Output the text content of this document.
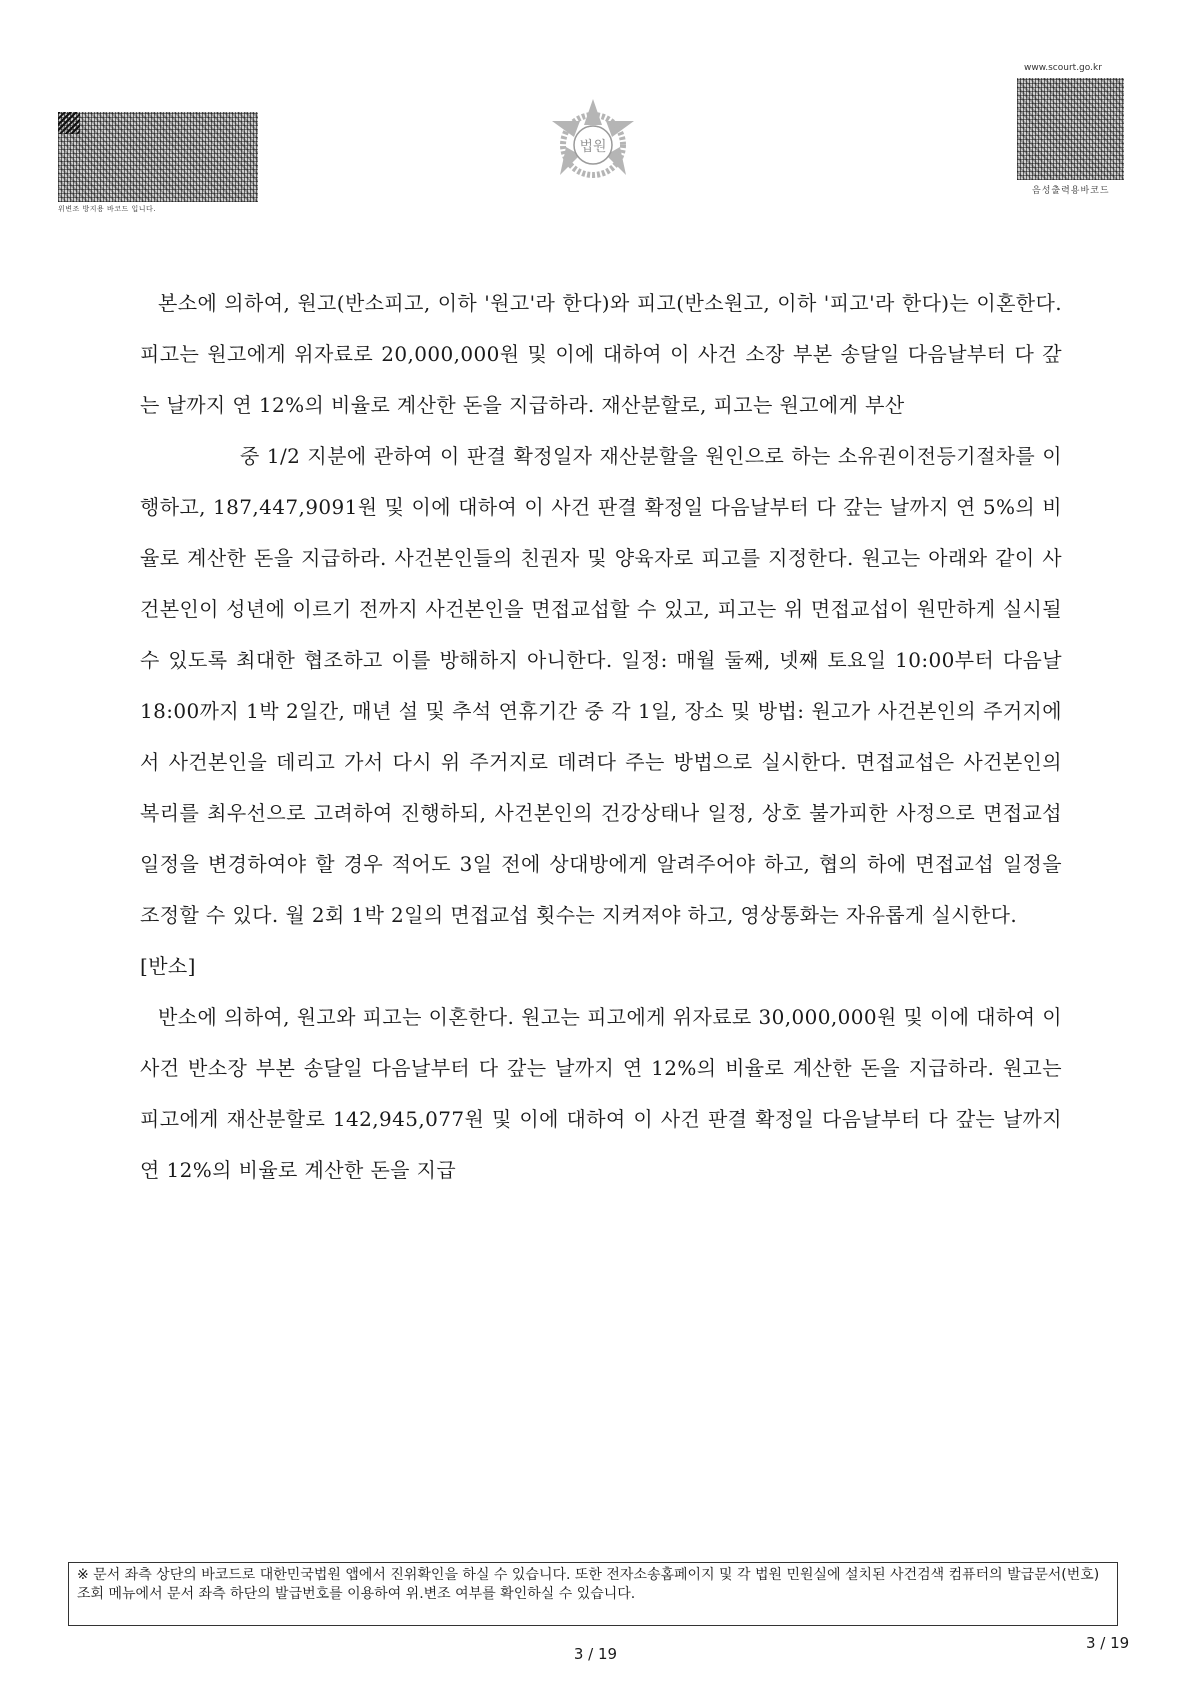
위변조 방지용 바코드 입니다.
법원
www.scourt.go.kr
음성출력용바코드

본소에 의하여, 원고(반소피고, 이하 '원고'라 한다)와 피고(반소원고, 이하 '피고'라 한다)는 이혼한다. 피고는 원고에게 위자료로 20,000,000원 및 이에 대하여 이 사건 소장 부본 송달일 다음날부터 다 갚는 날까지 연 12%의 비율로 계산한 돈을 지급하라. 재산분할로, 피고는 원고에게 부산

중 1/2 지분에 관하여 이 판결 확정일자 재산분할을 원인으로 하는 소유권이전등기절차를 이행하고, 187,447,9091원 및 이에 대하여 이 사건 판결 확정일 다음날부터 다 갚는 날까지 연 5%의 비율로 계산한 돈을 지급하라. 사건본인들의 친권자 및 양육자로 피고를 지정한다. 원고는 아래와 같이 사건본인이 성년에 이르기 전까지 사건본인을 면접교섭할 수 있고, 피고는 위 면접교섭이 원만하게 실시될 수 있도록 최대한 협조하고 이를 방해하지 아니한다. 일정: 매월 둘째, 넷째 토요일 10:00부터 다음날 18:00까지 1박 2일간, 매년 설 및 추석 연휴기간 중 각 1일, 장소 및 방법: 원고가 사건본인의 주거지에서 사건본인을 데리고 가서 다시 위 주거지로 데려다 주는 방법으로 실시한다. 면접교섭은 사건본인의 복리를 최우선으로 고려하여 진행하되, 사건본인의 건강상태나 일정, 상호 불가피한 사정으로 면접교섭 일정을 변경하여야 할 경우 적어도 3일 전에 상대방에게 알려주어야 하고, 협의 하에 면접교섭 일정을 조정할 수 있다. 월 2회 1박 2일의 면접교섭 횟수는 지켜져야 하고, 영상통화는 자유롭게 실시한다.

[반소]

반소에 의하여, 원고와 피고는 이혼한다. 원고는 피고에게 위자료로 30,000,000원 및 이에 대하여 이 사건 반소장 부본 송달일 다음날부터 다 갚는 날까지 연 12%의 비율로 계산한 돈을 지급하라. 원고는 피고에게 재산분할로 142,945,077원 및 이에 대하여 이 사건 판결 확정일 다음날부터 다 갚는 날까지 연 12%의 비율로 계산한 돈을 지급

※ 문서 좌측 상단의 바코드로 대한민국법원 앱에서 진위확인을 하실 수 있습니다. 또한 전자소송홈페이지 및 각 법원 민원실에 설치된 사건검색 컴퓨터의 발급문서(번호)조회 메뉴에서 문서 좌측 하단의 발급번호를 이용하여 위.변조 여부를 확인하실 수 있습니다.
3 / 19
3 / 19
